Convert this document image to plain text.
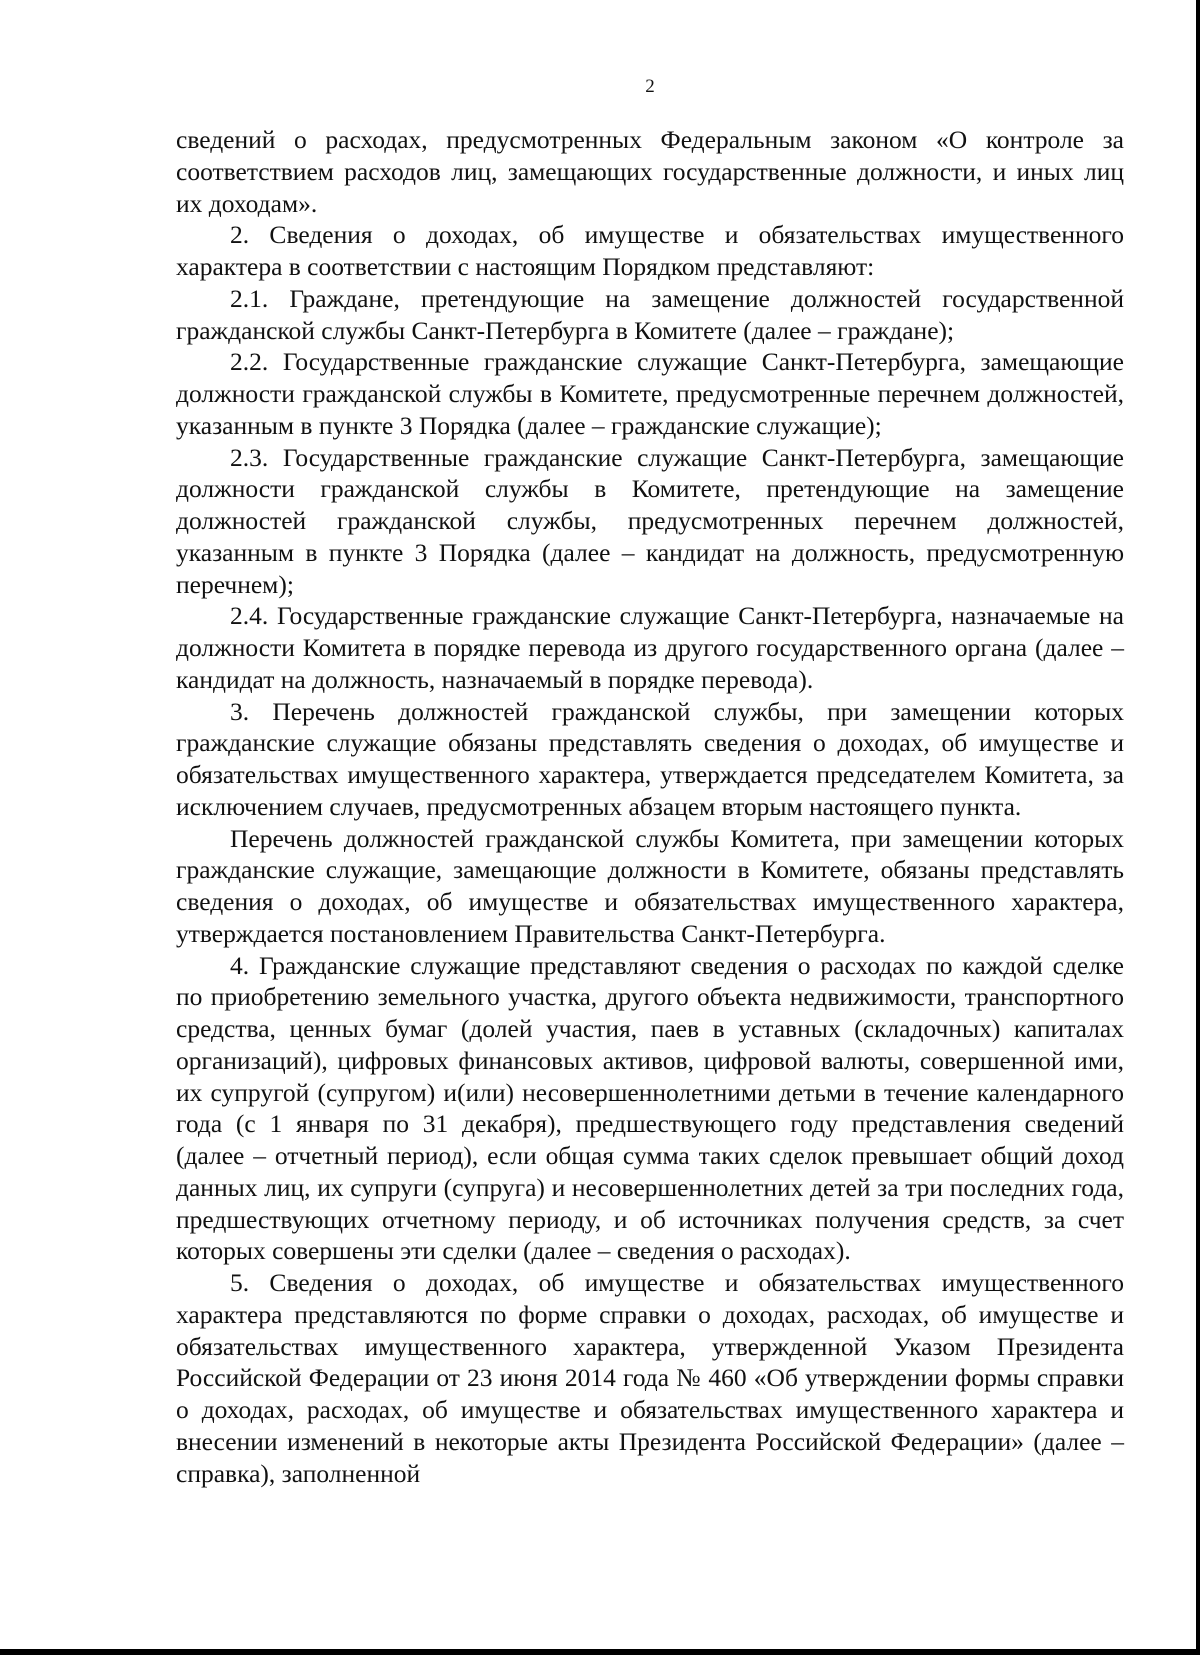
2

сведений о расходах, предусмотренных Федеральным законом «О контроле за соответствием расходов лиц, замещающих государственные должности, и иных лиц их доходам».

2. Сведения о доходах, об имуществе и обязательствах имущественного характера в соответствии с настоящим Порядком представляют:

2.1. Граждане, претендующие на замещение должностей государственной гражданской службы Санкт-Петербурга в Комитете (далее – граждане);

2.2. Государственные гражданские служащие Санкт-Петербурга, замещающие должности гражданской службы в Комитете, предусмотренные перечнем должностей, указанным в пункте 3 Порядка (далее – гражданские служащие);

2.3. Государственные гражданские служащие Санкт-Петербурга, замещающие должности гражданской службы в Комитете, претендующие на замещение должностей гражданской службы, предусмотренных перечнем должностей, указанным в пункте 3 Порядка (далее – кандидат на должность, предусмотренную перечнем);

2.4. Государственные гражданские служащие Санкт-Петербурга, назначаемые на должности Комитета в порядке перевода из другого государственного органа (далее – кандидат на должность, назначаемый в порядке перевода).

3. Перечень должностей гражданской службы, при замещении которых гражданские служащие обязаны представлять сведения о доходах, об имуществе и обязательствах имущественного характера, утверждается председателем Комитета, за исключением случаев, предусмотренных абзацем вторым настоящего пункта.

Перечень должностей гражданской службы Комитета, при замещении которых гражданские служащие, замещающие должности в Комитете, обязаны представлять сведения о доходах, об имуществе и обязательствах имущественного характера, утверждается постановлением Правительства Санкт-Петербурга.

4. Гражданские служащие представляют сведения о расходах по каждой сделке по приобретению земельного участка, другого объекта недвижимости, транспортного средства, ценных бумаг (долей участия, паев в уставных (складочных) капиталах организаций), цифровых финансовых активов, цифровой валюты, совершенной ими, их супругой (супругом) и(или) несовершеннолетними детьми в течение календарного года (с 1 января по 31 декабря), предшествующего году представления сведений (далее – отчетный период), если общая сумма таких сделок превышает общий доход данных лиц, их супруги (супруга) и несовершеннолетних детей за три последних года, предшествующих отчетному периоду, и об источниках получения средств, за счет которых совершены эти сделки (далее – сведения о расходах).

5. Сведения о доходах, об имуществе и обязательствах имущественного характера представляются по форме справки о доходах, расходах, об имуществе и обязательствах имущественного характера, утвержденной Указом Президента Российской Федерации от 23 июня 2014 года № 460 «Об утверждении формы справки о доходах, расходах, об имуществе и обязательствах имущественного характера и внесении изменений в некоторые акты Президента Российской Федерации» (далее – справка), заполненной
